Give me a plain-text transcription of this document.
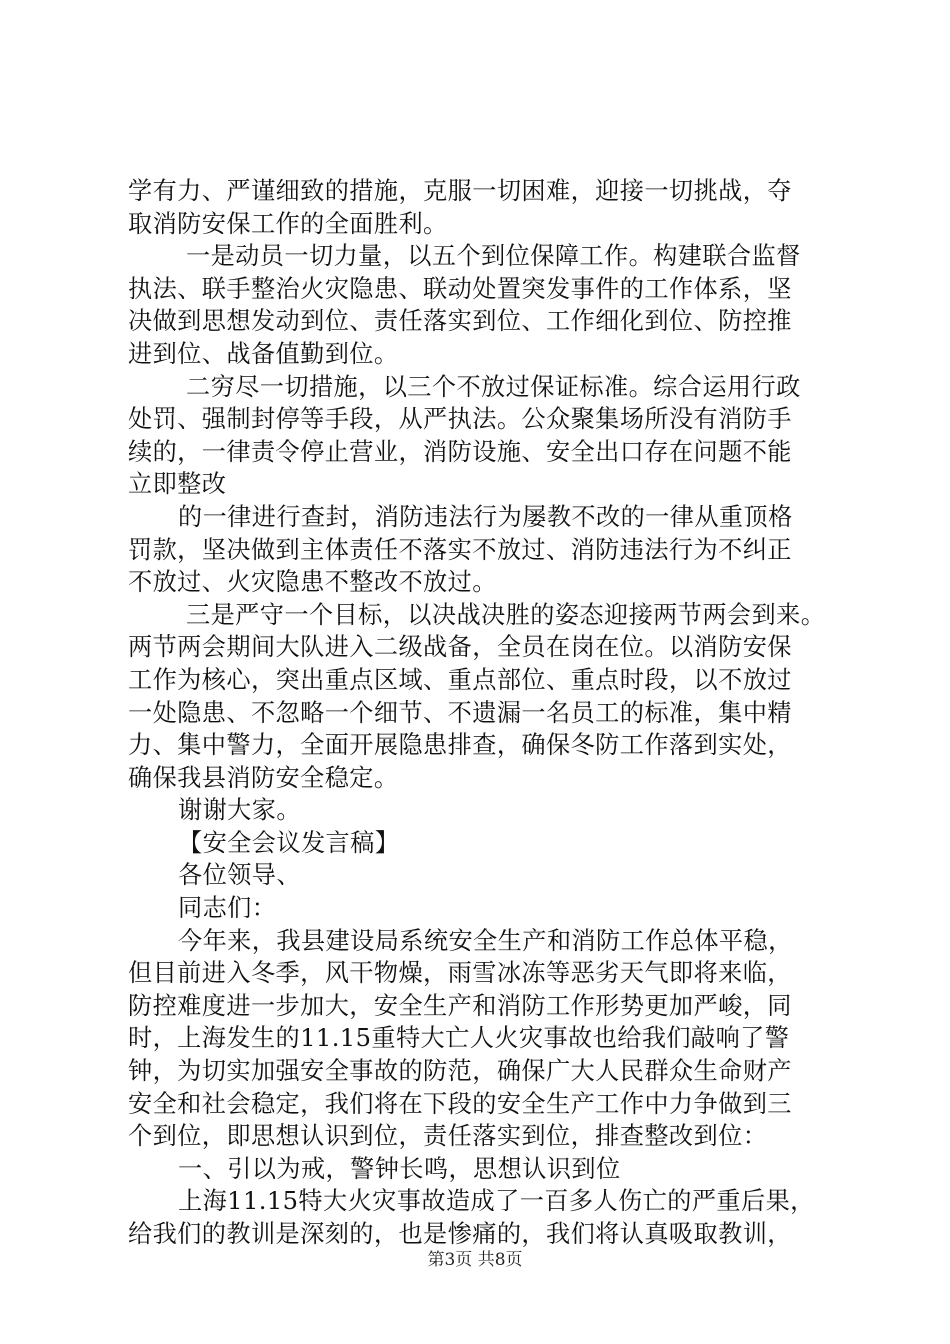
学有力、严谨细致的措施，克服一切困难，迎接一切挑战，夺
取消防安保工作的全面胜利。
一是动员一切力量，以五个到位保障工作。构建联合监督
执法、联手整治火灾隐患、联动处置突发事件的工作体系，坚
决做到思想发动到位、责任落实到位、工作细化到位、防控推
进到位、战备值勤到位。
二穷尽一切措施，以三个不放过保证标准。综合运用行政
处罚、强制封停等手段，从严执法。公众聚集场所没有消防手
续的，一律责令停止营业，消防设施、安全出口存在问题不能
立即整改
的一律进行查封，消防违法行为屡教不改的一律从重顶格
罚款，坚决做到主体责任不落实不放过、消防违法行为不纠正
不放过、火灾隐患不整改不放过。
三是严守一个目标，以决战决胜的姿态迎接两节两会到来。
两节两会期间大队进入二级战备，全员在岗在位。以消防安保
工作为核心，突出重点区域、重点部位、重点时段，以不放过
一处隐患、不忽略一个细节、不遗漏一名员工的标准，集中精
力、集中警力，全面开展隐患排查，确保冬防工作落到实处，
确保我县消防安全稳定。
谢谢大家。
【安全会议发言稿】
各位领导、
同志们：
今年来，我县建设局系统安全生产和消防工作总体平稳，
但目前进入冬季，风干物燥，雨雪冰冻等恶劣天气即将来临，
防控难度进一步加大，安全生产和消防工作形势更加严峻，同
时，上海发生的11.15重特大亡人火灾事故也给我们敲响了警
钟，为切实加强安全事故的防范，确保广大人民群众生命财产
安全和社会稳定，我们将在下段的安全生产工作中力争做到三
个到位，即思想认识到位，责任落实到位，排查整改到位：
一、引以为戒，警钟长鸣，思想认识到位
上海11.15特大火灾事故造成了一百多人伤亡的严重后果，
给我们的教训是深刻的，也是惨痛的，我们将认真吸取教训，
第3页 共8页
